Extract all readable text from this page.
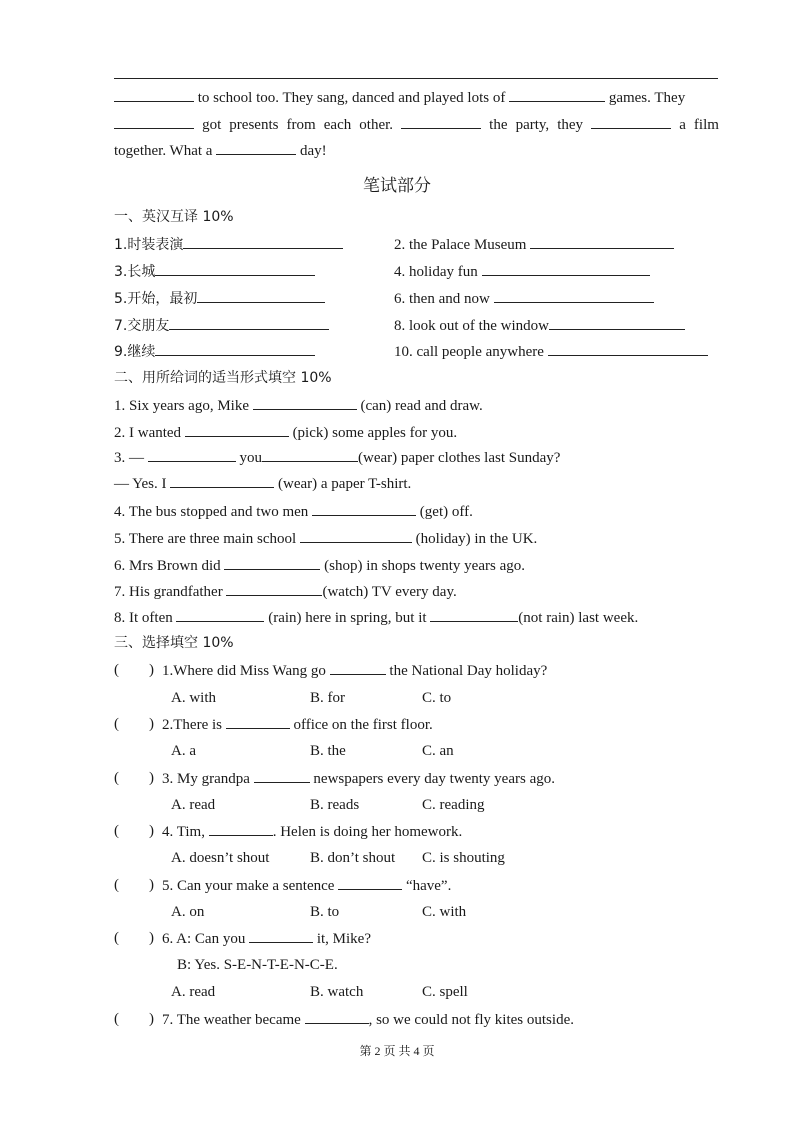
to school too. They sang, danced and played lots of	games. They
got presents from each other.	the party, they	a film
together. What a	day!
笔试部分
一、英汉互译 10%
1.时装表演	2. the Palace Museum
3.长城	4. holiday fun
5.开始，最初	6. then and now
7.交朋友	8. look out of the window
9.继续	10. call people anywhere
二、用所给词的适当形式填空 10%
1. Six years ago, Mike	(can) read and draw.
2. I wanted	(pick) some apples for you.
3. —	you	(wear) paper clothes last Sunday?
— Yes. I	(wear) a paper T-shirt.
4. The bus stopped and two men	(get) off.
5. There are three main school	(holiday) in the UK.
6. Mrs Brown did	(shop) in shops twenty years ago.
7. His grandfather	(watch) TV every day.
8. It often	(rain) here in spring, but it	(not rain) last week.
三、选择填空 10%
( ) 1.Where did Miss Wang go	the National Day holiday?
A. with	B. for	C. to
( ) 2.There is	office on the first floor.
A. a	B. the	C. an
( ) 3. My grandpa	newspapers every day twenty years ago.
A. read	B. reads	C. reading
( ) 4. Tim,	. Helen is doing her homework.
A. doesn’t shout	B. don’t shout C. is shouting
( ) 5. Can your make a sentence	“have”.
A. on	B. to	C. with
( ) 6. A: Can you	it, Mike?
B: Yes. S-E-N-T-E-N-C-E.
A. read	B. watch	C. spell
( ) 7. The weather became	, so we could not fly kites outside.
第 2 页 共 4 页
